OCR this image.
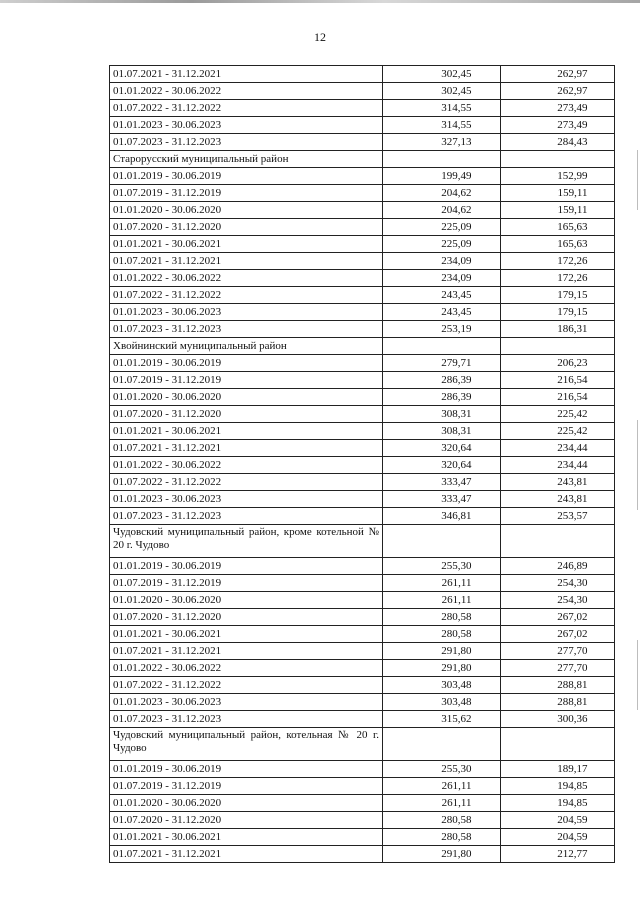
12
01.07.2021 - 31.12.2021	302,45	262,97
01.01.2022 - 30.06.2022	302,45	262,97
01.07.2022 - 31.12.2022	314,55	273,49
01.01.2023 - 30.06.2023	314,55	273,49
01.07.2023 - 31.12.2023	327,13	284,43
Старорусский муниципальный район		
01.01.2019 - 30.06.2019	199,49	152,99
01.07.2019 - 31.12.2019	204,62	159,11
01.01.2020 - 30.06.2020	204,62	159,11
01.07.2020 - 31.12.2020	225,09	165,63
01.01.2021 - 30.06.2021	225,09	165,63
01.07.2021 - 31.12.2021	234,09	172,26
01.01.2022 - 30.06.2022	234,09	172,26
01.07.2022 - 31.12.2022	243,45	179,15
01.01.2023 - 30.06.2023	243,45	179,15
01.07.2023 - 31.12.2023	253,19	186,31
Хвойнинский муниципальный район		
01.01.2019 - 30.06.2019	279,71	206,23
01.07.2019 - 31.12.2019	286,39	216,54
01.01.2020 - 30.06.2020	286,39	216,54
01.07.2020 - 31.12.2020	308,31	225,42
01.01.2021 - 30.06.2021	308,31	225,42
01.07.2021 - 31.12.2021	320,64	234,44
01.01.2022 - 30.06.2022	320,64	234,44
01.07.2022 - 31.12.2022	333,47	243,81
01.01.2023 - 30.06.2023	333,47	243,81
01.07.2023 - 31.12.2023	346,81	253,57
Чудовский муниципальный район, кроме котельной № 20 г. Чудово		
01.01.2019 - 30.06.2019	255,30	246,89
01.07.2019 - 31.12.2019	261,11	254,30
01.01.2020 - 30.06.2020	261,11	254,30
01.07.2020 - 31.12.2020	280,58	267,02
01.01.2021 - 30.06.2021	280,58	267,02
01.07.2021 - 31.12.2021	291,80	277,70
01.01.2022 - 30.06.2022	291,80	277,70
01.07.2022 - 31.12.2022	303,48	288,81
01.01.2023 - 30.06.2023	303,48	288,81
01.07.2023 - 31.12.2023	315,62	300,36
Чудовский муниципальный район, котельная № 20 г. Чудово		
01.01.2019 - 30.06.2019	255,30	189,17
01.07.2019 - 31.12.2019	261,11	194,85
01.01.2020 - 30.06.2020	261,11	194,85
01.07.2020 - 31.12.2020	280,58	204,59
01.01.2021 - 30.06.2021	280,58	204,59
01.07.2021 - 31.12.2021	291,80	212,77
